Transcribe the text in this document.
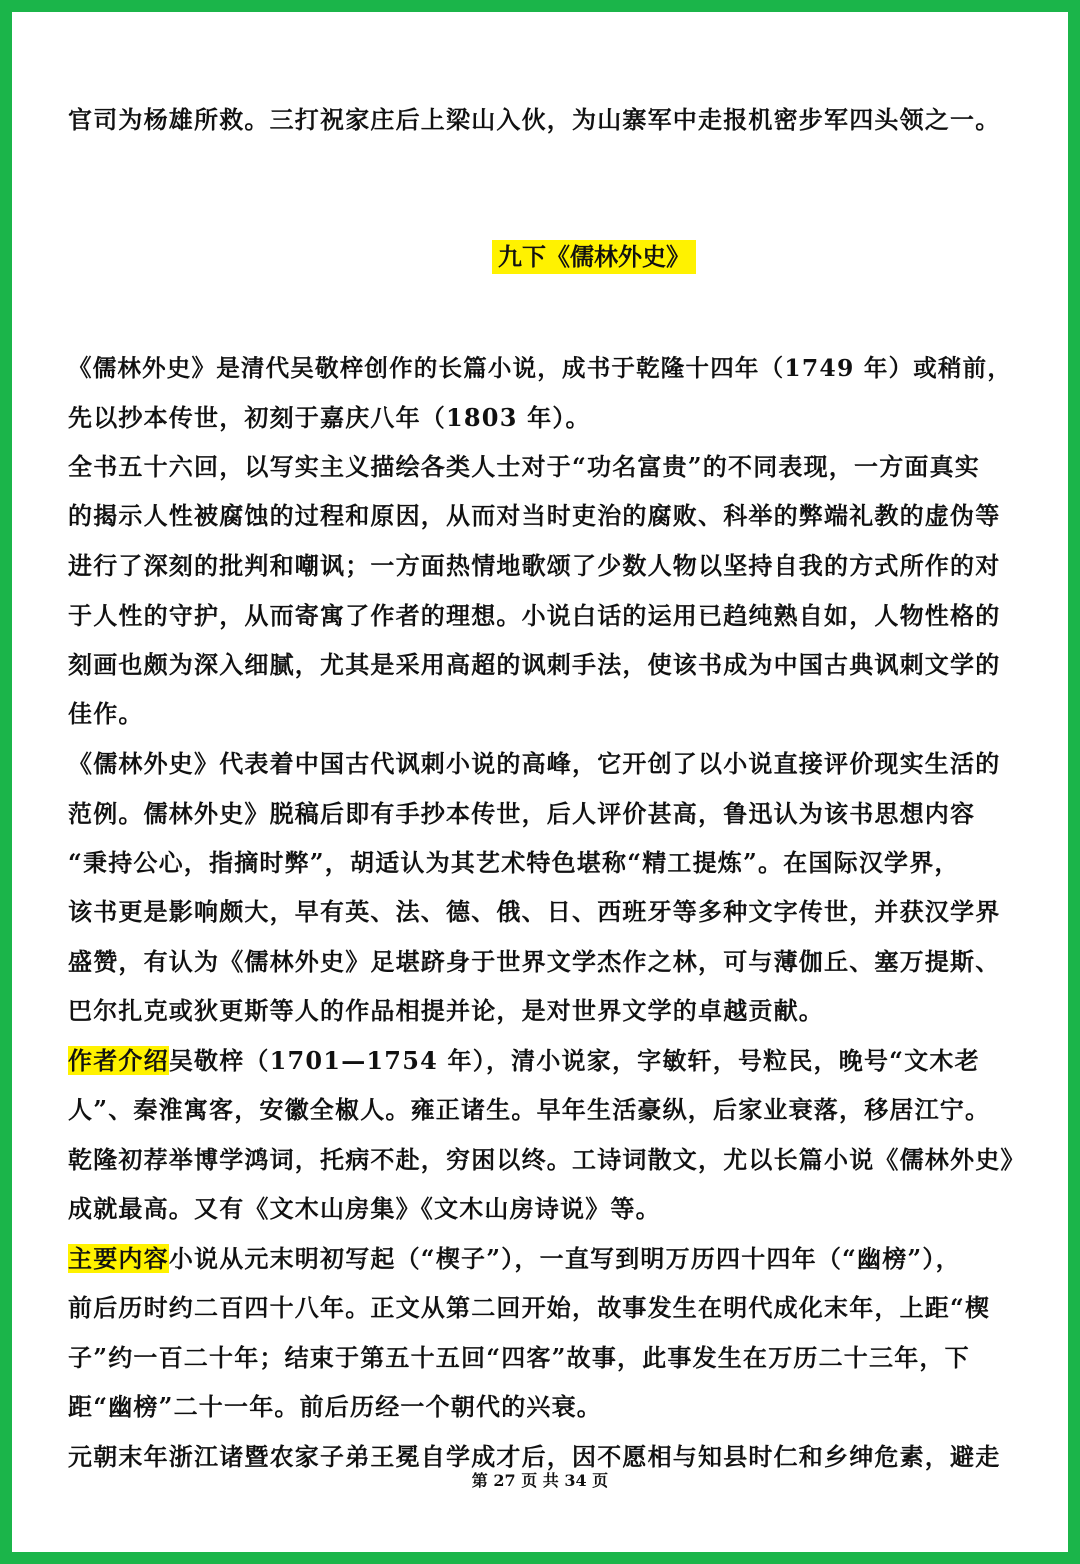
官司为杨雄所救。三打祝家庄后上梁山入伙，为山寨军中走报机密步军四头领之一。
九下《儒林外史》
《儒林外史》是清代吴敬梓创作的长篇小说，成书于乾隆十四年（1749 年）或稍前，
先以抄本传世，初刻于嘉庆八年（1803 年）。
全书五十六回，以写实主义描绘各类人士对于“功名富贵”的不同表现，一方面真实
的揭示人性被腐蚀的过程和原因，从而对当时吏治的腐败、科举的弊端礼教的虚伪等
进行了深刻的批判和嘲讽；一方面热情地歌颂了少数人物以坚持自我的方式所作的对
于人性的守护，从而寄寓了作者的理想。小说白话的运用已趋纯熟自如，人物性格的
刻画也颇为深入细腻，尤其是采用高超的讽刺手法，使该书成为中国古典讽刺文学的
佳作。
《儒林外史》代表着中国古代讽刺小说的高峰，它开创了以小说直接评价现实生活的
范例。儒林外史》脱稿后即有手抄本传世，后人评价甚高，鲁迅认为该书思想内容
“秉持公心，指摘时弊”，胡适认为其艺术特色堪称“精工提炼”。在国际汉学界，
该书更是影响颇大，早有英、法、德、俄、日、西班牙等多种文字传世，并获汉学界
盛赞，有认为《儒林外史》足堪跻身于世界文学杰作之林，可与薄伽丘、塞万提斯、
巴尔扎克或狄更斯等人的作品相提并论，是对世界文学的卓越贡献。
作者介绍吴敬梓（1701—1754 年），清小说家，字敏轩，号粒民，晚号“文木老
人”、秦淮寓客，安徽全椒人。雍正诸生。早年生活豪纵，后家业衰落，移居江宁。
乾隆初荐举博学鸿词，托病不赴，穷困以终。工诗词散文，尤以长篇小说《儒林外史》
成就最高。又有《文木山房集》《文木山房诗说》等。
主要内容小说从元末明初写起（“楔子”），一直写到明万历四十四年（“幽榜”），
前后历时约二百四十八年。正文从第二回开始，故事发生在明代成化末年，上距“楔
子”约一百二十年；结束于第五十五回“四客”故事，此事发生在万历二十三年，下
距“幽榜”二十一年。前后历经一个朝代的兴衰。
元朝末年浙江诸暨农家子弟王冕自学成才后，因不愿相与知县时仁和乡绅危素，避走
第 27 页 共 34 页
